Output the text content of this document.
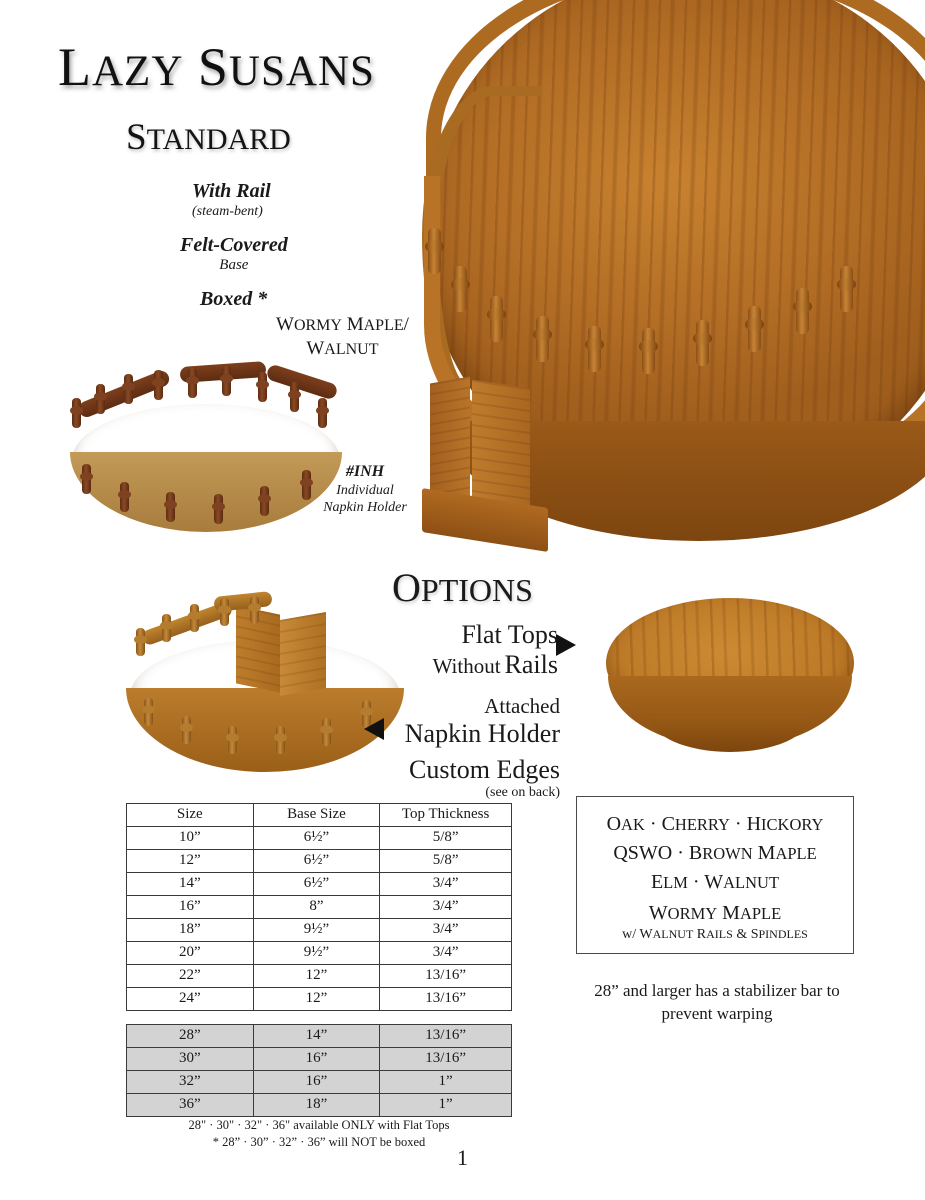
LAZY SUSANS
STANDARD
With Rail
(steam-bent)
Felt-Covered
Base
Boxed *
WORMY MAPLE/
WALNUT
#INH
Individual
Napkin Holder
OPTIONS
Flat Tops
Without Rails
Attached
Napkin Holder
Custom Edges
(see on back)
Size	Base Size	Top Thickness
10”	6½”	5/8”
12”	6½”	5/8”
14”	6½”	3/4”
16”	8”	3/4”
18”	9½”	3/4”
20”	9½”	3/4”
22”	12”	13/16”
24”	12”	13/16”
28”	14”	13/16”
30”	16”	13/16”
32”	16”	1”
36”	18”	1”
28" · 30" · 32" · 36" available ONLY with Flat Tops
* 28” · 30” · 32” · 36” will NOT be boxed
OAK · CHERRY · HICKORY
QSWO · BROWN MAPLE
ELM · WALNUT
WORMY MAPLE
w/ WALNUT RAILS & SPINDLES
28” and larger has a stabilizer bar to prevent warping
1
